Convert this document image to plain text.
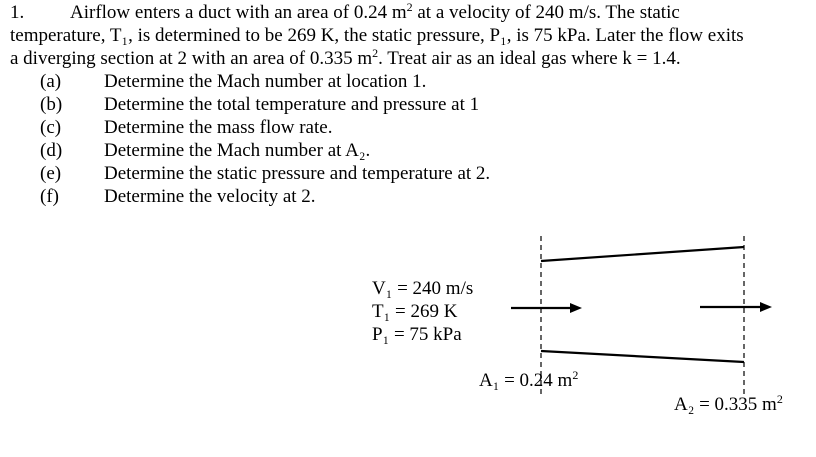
1. Airflow enters a duct with an area of 0.24 $m^2$ at a velocity of 240 m/s. The static

temperature, T₁, is determined to be 269 K, the static pressure, P₁, is 75 kPa. Later the flow exits

a diverging section at 2 with an area of 0.335 $m^2$. Treat air as an ideal gas where k = 1.4.

(a)	Determine the Mach number at location 1.
(b)	Determine the total temperature and pressure at 1
(c)	Determine the mass flow rate.
(d)	Determine the Mach number at A₂.
(e)	Determine the static pressure and temperature at 2.
(f)	Determine the velocity at 2.
V₁ = 240 m/s
T₁ = 269 K
P₁ = 75 kPa
A₁ = 0.24 $m^2$
A₂ = 0.335 $m^2$
